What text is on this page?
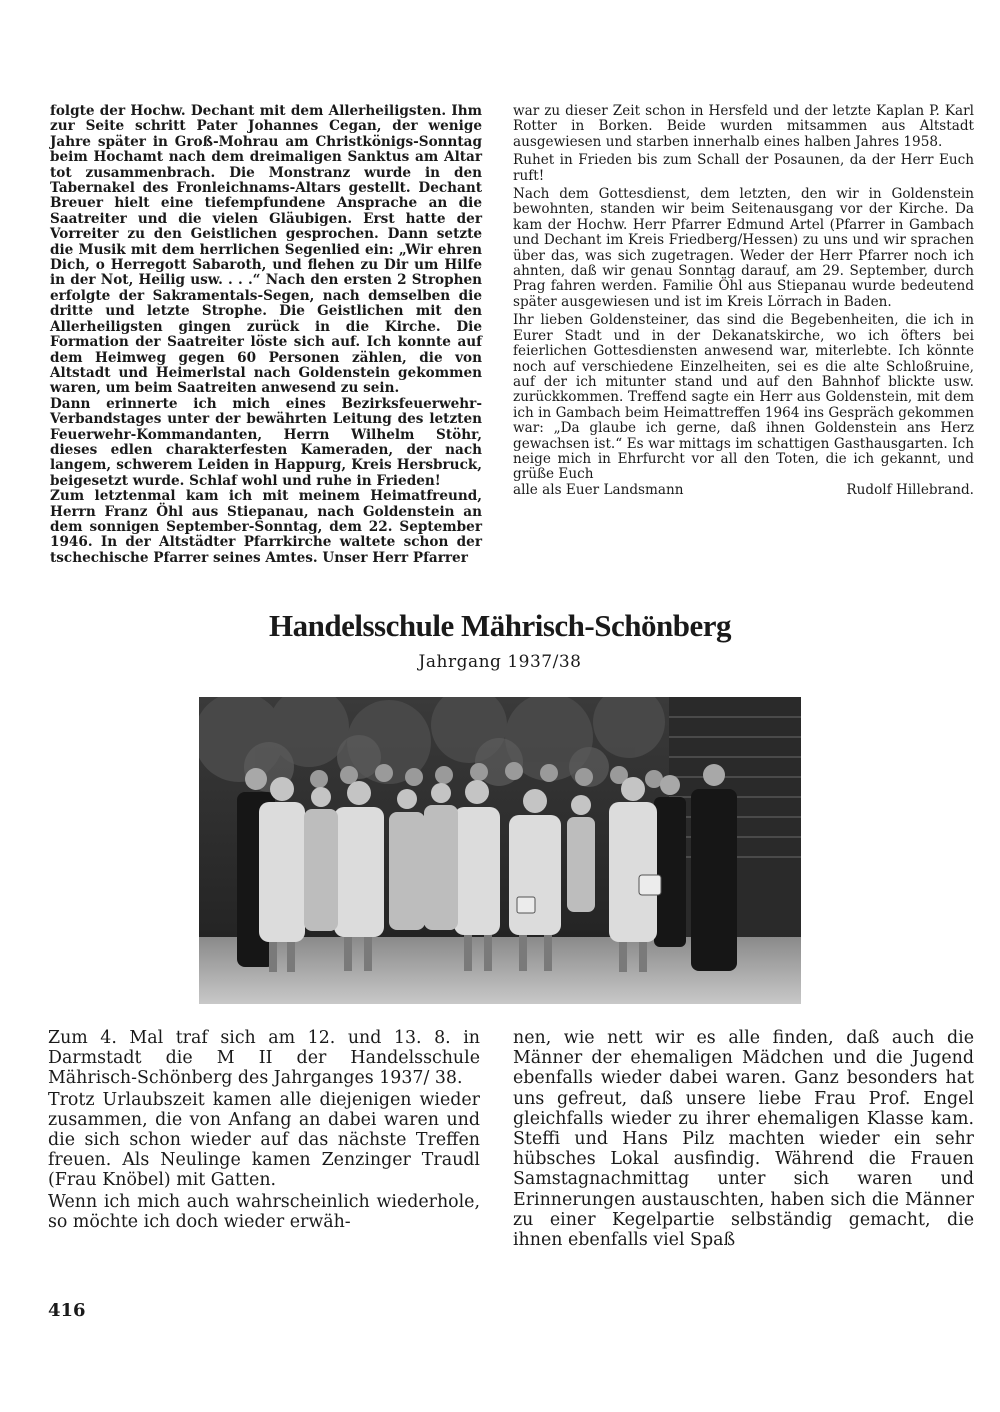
folgte der Hochw. Dechant mit dem Allerheiligsten. Ihm zur Seite schritt Pater Johannes Cegan, der wenige Jahre später in Groß-Mohrau am Christkönigs-Sonntag beim Hochamt nach dem dreimaligen Sanktus am Altar tot zusammenbrach. Die Monstranz wurde in den Tabernakel des Fronleichnams-Altars gestellt. Dechant Breuer hielt eine tiefempfundene Ansprache an die Saatreiter und die vielen Gläubigen. Erst hatte der Vorreiter zu den Geistlichen gesprochen. Dann setzte die Musik mit dem herrlichen Segenlied ein: „Wir ehren Dich, o Herregott Sabaroth, und flehen zu Dir um Hilfe in der Not, Heilig usw. . . .“ Nach den ersten 2 Strophen erfolgte der Sakramentals-Segen, nach demselben die dritte und letzte Strophe. Die Geistlichen mit den Allerheiligsten gingen zurück in die Kirche. Die Formation der Saatreiter löste sich auf. Ich konnte auf dem Heimweg gegen 60 Personen zählen, die von Altstadt und Heimerlstal nach Goldenstein gekommen waren, um beim Saatreiten anwesend zu sein.

Dann erinnerte ich mich eines Bezirksfeuerwehr-Verbandstages unter der bewährten Leitung des letzten Feuerwehr-Kommandanten, Herrn Wilhelm Stöhr, dieses edlen charakterfesten Kameraden, der nach langem, schwerem Leiden in Happurg, Kreis Hersbruck, beigesetzt wurde. Schlaf wohl und ruhe in Frieden!

Zum letztenmal kam ich mit meinem Heimatfreund, Herrn Franz Öhl aus Stiepanau, nach Goldenstein an dem sonnigen September-Sonntag, dem 22. September 1946. In der Altstädter Pfarrkirche waltete schon der tschechische Pfarrer seines Amtes. Unser Herr Pfarrer

war zu dieser Zeit schon in Hersfeld und der letzte Kaplan P. Karl Rotter in Borken. Beide wurden mitsammen aus Altstadt ausgewiesen und starben innerhalb eines halben Jahres 1958.

Ruhet in Frieden bis zum Schall der Posaunen, da der Herr Euch ruft!

Nach dem Gottesdienst, dem letzten, den wir in Goldenstein bewohnten, standen wir beim Seitenausgang vor der Kirche. Da kam der Hochw. Herr Pfarrer Edmund Artel (Pfarrer in Gambach und Dechant im Kreis Friedberg/Hessen) zu uns und wir sprachen über das, was sich zugetragen. Weder der Herr Pfarrer noch ich ahnten, daß wir genau Sonntag darauf, am 29. September, durch Prag fahren werden. Familie Öhl aus Stiepanau wurde bedeutend später ausgewiesen und ist im Kreis Lörrach in Baden.

Ihr lieben Goldensteiner, das sind die Begebenheiten, die ich in Eurer Stadt und in der Dekanatskirche, wo ich öfters bei feierlichen Gottesdiensten anwesend war, miterlebte. Ich könnte noch auf verschiedene Einzelheiten, sei es die alte Schloßruine, auf der ich mitunter stand und auf den Bahnhof blickte usw. zurückkommen. Treffend sagte ein Herr aus Goldenstein, mit dem ich in Gambach beim Heimattreffen 1964 ins Gespräch gekommen war: „Da glaube ich gerne, daß ihnen Goldenstein ans Herz gewachsen ist.“ Es war mittags im schattigen Gasthausgarten. Ich neige mich in Ehrfurcht vor all den Toten, die ich gekannt, und grüße Euch
alle als Euer Landsmann	Rudolf Hillebrand.

Handelsschule Mährisch-Schönberg
Jahrgang 1937/38

Zum 4. Mal traf sich am 12. und 13. 8. in Darmstadt die M II der Handelsschule Mährisch-Schönberg des Jahrganges 1937/ 38.

Trotz Urlaubszeit kamen alle diejenigen wieder zusammen, die von Anfang an dabei waren und die sich schon wieder auf das nächste Treffen freuen. Als Neulinge kamen Zenzinger Traudl (Frau Knöbel) mit Gatten.

Wenn ich mich auch wahrscheinlich wiederhole, so möchte ich doch wieder erwäh-

nen, wie nett wir es alle finden, daß auch die Männer der ehemaligen Mädchen und die Jugend ebenfalls wieder dabei waren. Ganz besonders hat uns gefreut, daß unsere liebe Frau Prof. Engel gleichfalls wieder zu ihrer ehemaligen Klasse kam. Steffi und Hans Pilz machten wieder ein sehr hübsches Lokal ausfindig. Während die Frauen Samstagnachmittag unter sich waren und Erinnerungen austauschten, haben sich die Männer zu einer Kegelpartie selbständig gemacht, die ihnen ebenfalls viel Spaß

416
